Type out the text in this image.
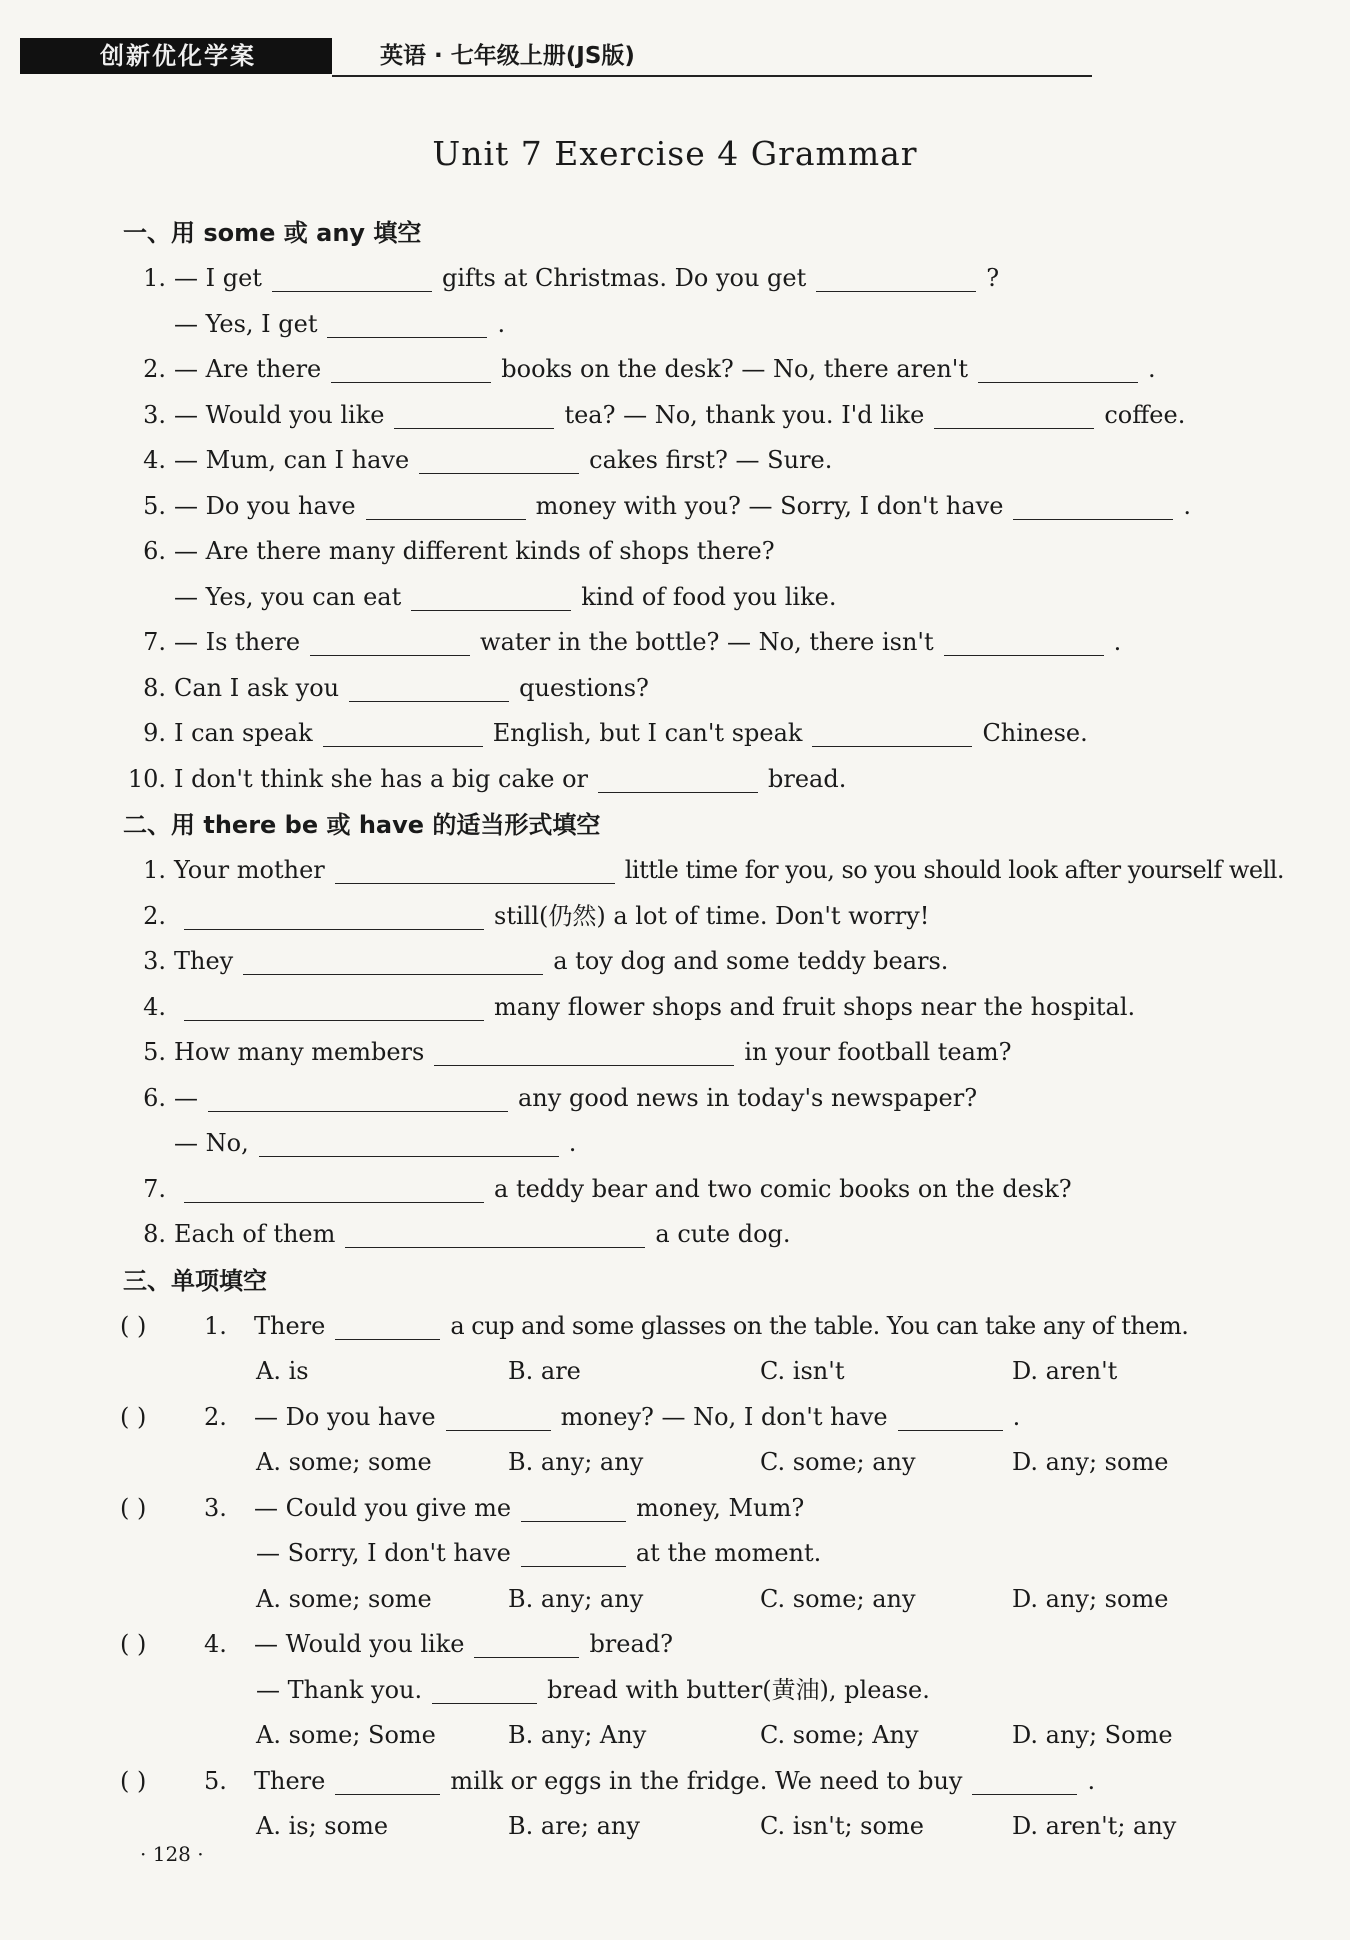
创新优化学案	英语 · 七年级上册(JS版)
Unit 7 Exercise 4 Grammar
一、用 some 或 any 填空
1. — I get	gifts at Christmas. Do you get	?
— Yes, I get	.
2. — Are there	books on the desk? — No, there aren't	.
3. — Would you like	tea? — No, thank you. I'd like	coffee.
4. — Mum, can I have	cakes first? — Sure.
5. — Do you have	money with you? — Sorry, I don't have	.
6. — Are there many different kinds of shops there?
— Yes, you can eat	kind of food you like.
7. — Is there	water in the bottle? — No, there isn't	.
8. Can I ask you	questions?
9. I can speak	English, but I can't speak	Chinese.
10. I don't think she has a big cake or	bread.
二、用 there be 或 have 的适当形式填空
1. Your mother	little time for you, so you should look after yourself well.
2.	still(仍然) a lot of time. Don't worry!
3. They	a toy dog and some teddy bears.
4.	many flower shops and fruit shops near the hospital.
5. How many members	in your football team?
6. —	any good news in today's newspaper?
— No,	.
7.	a teddy bear and two comic books on the desk?
8. Each of them	a cute dog.
三、单项填空
( ) 1. There	a cup and some glasses on the table. You can take any of them.
A. is	B. are	C. isn't	D. aren't
( ) 2. — Do you have	money? — No, I don't have	.
A. some; some	B. any; any	C. some; any	D. any; some
( ) 3. — Could you give me	money, Mum?
— Sorry, I don't have	at the moment.
A. some; some	B. any; any	C. some; any	D. any; some
( ) 4. — Would you like	bread?
— Thank you.	bread with butter(黄油), please.
A. some; Some	B. any; Any	C. some; Any	D. any; Some
( ) 5. There	milk or eggs in the fridge. We need to buy	.
A. is; some	B. are; any	C. isn't; some	D. aren't; any
· 128 ·
